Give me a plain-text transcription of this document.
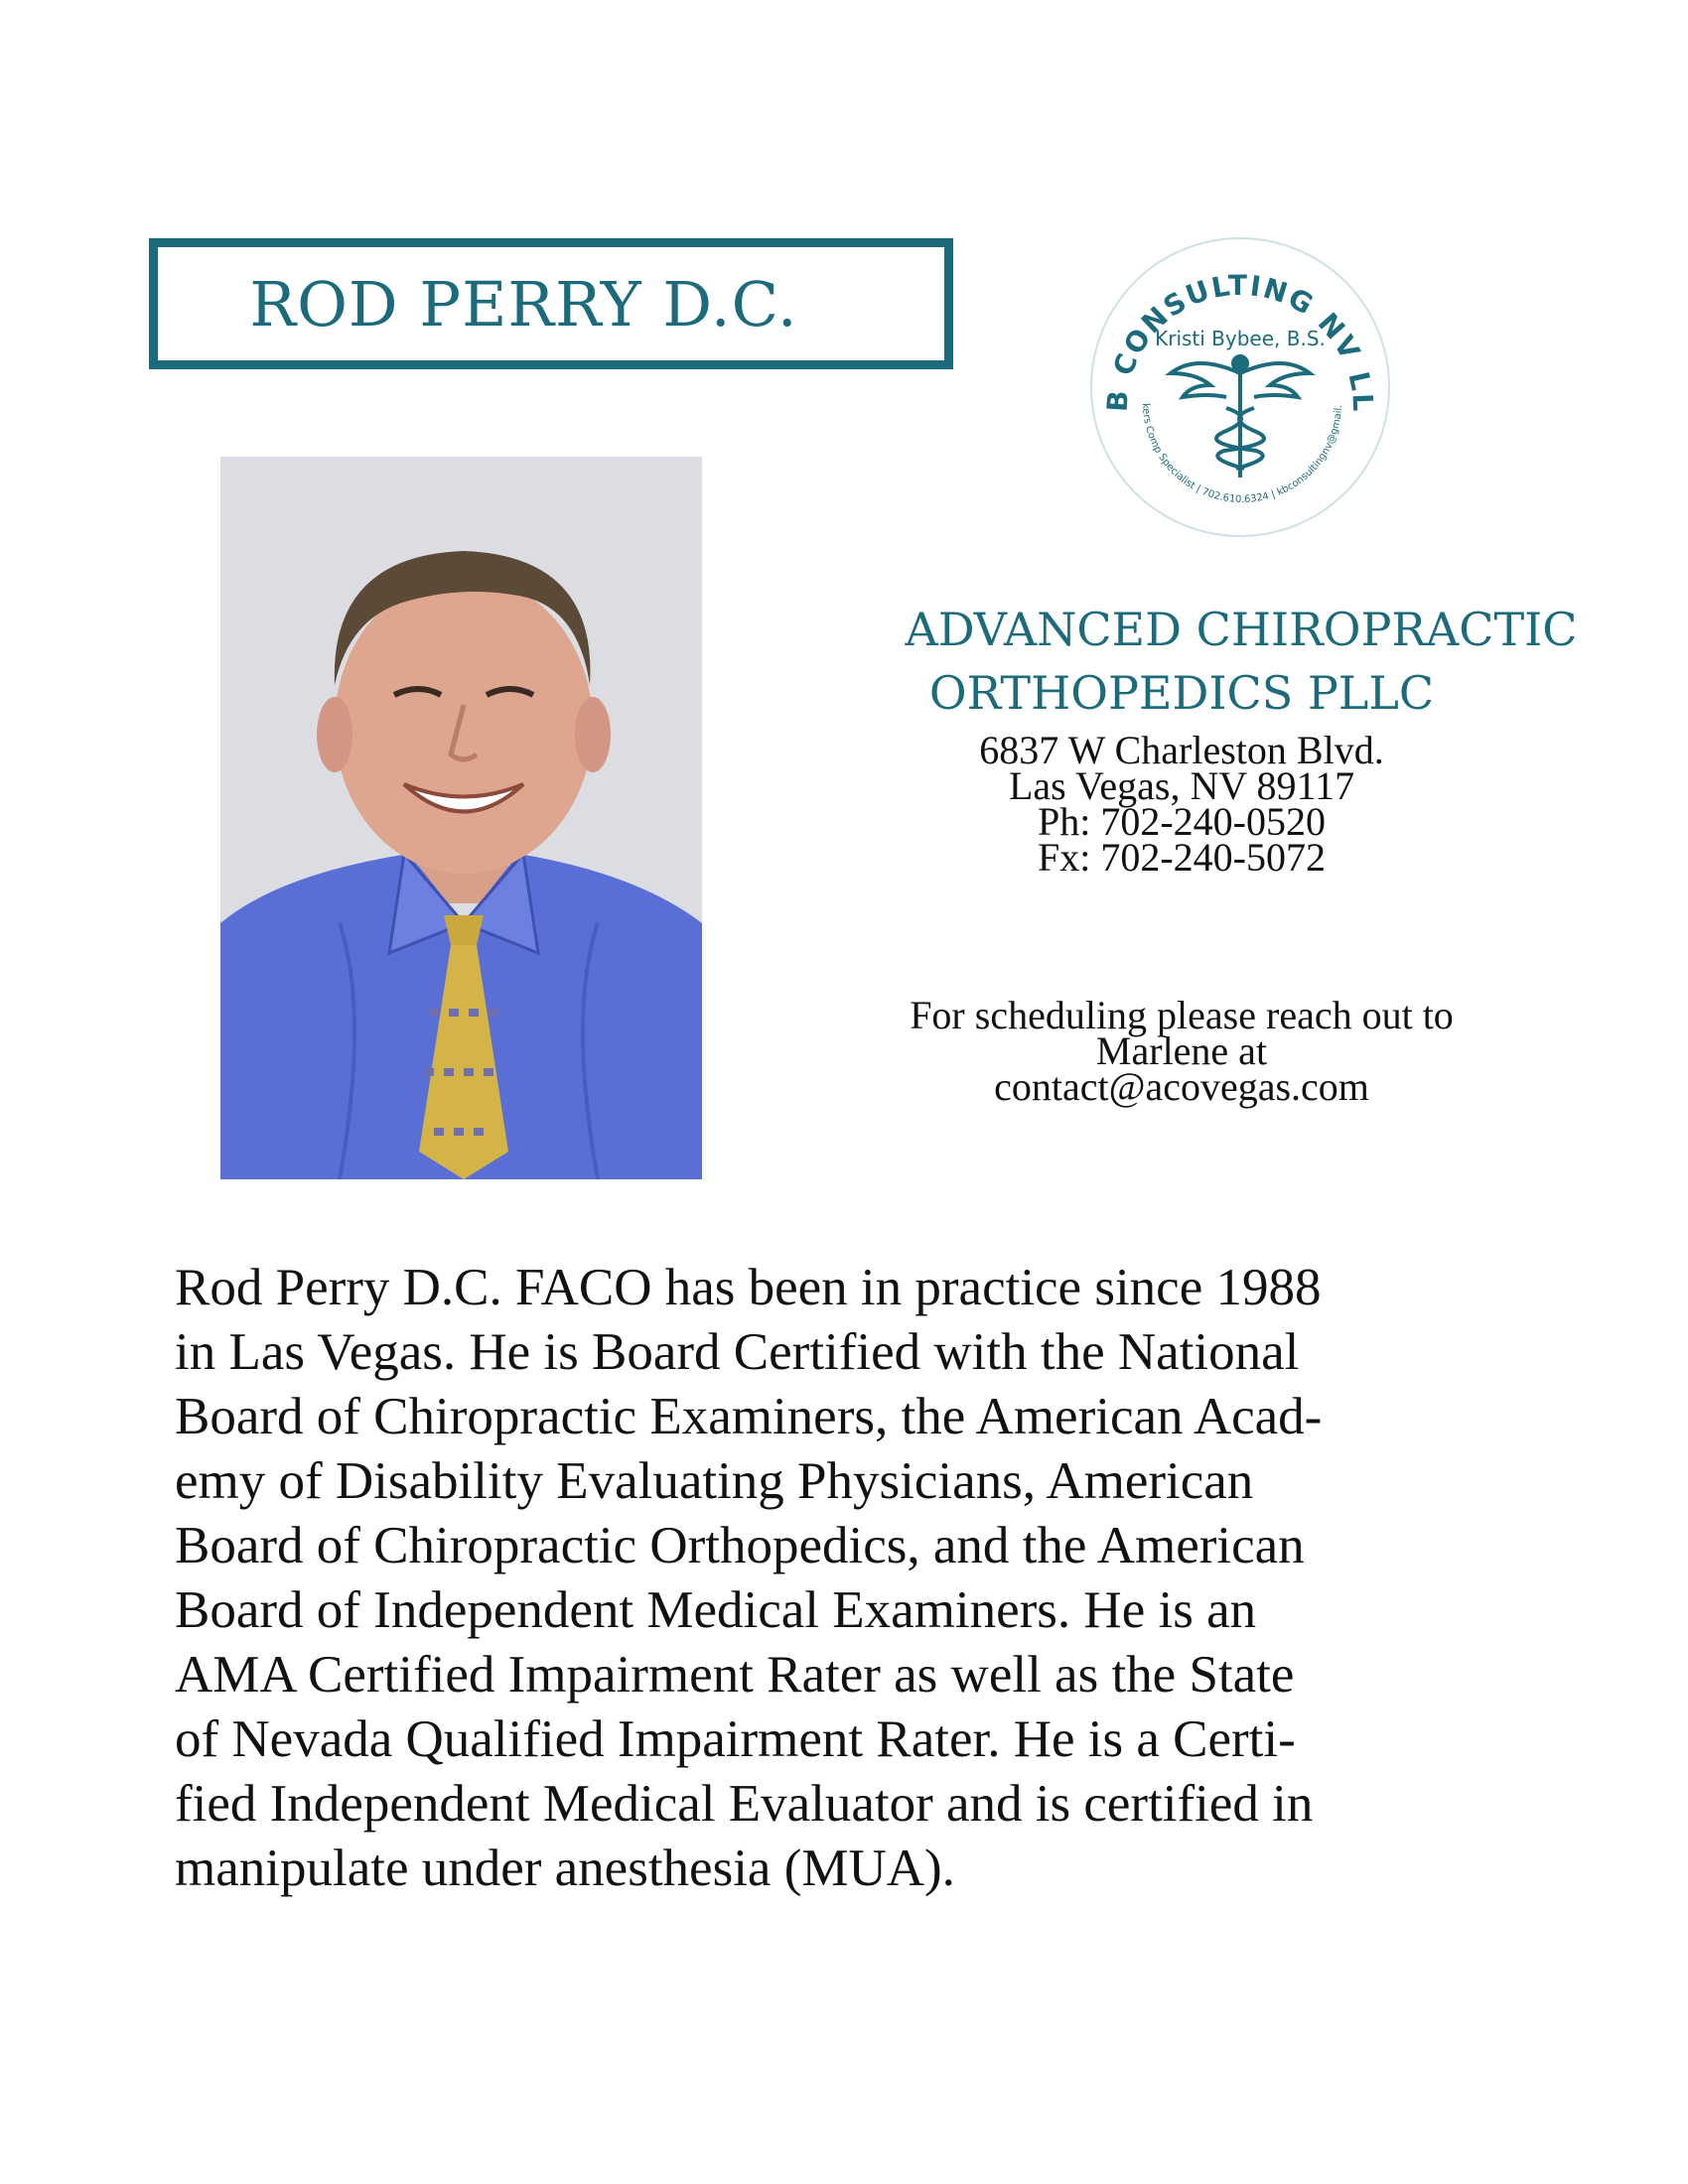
ROD PERRY D.C.
B CONSULTING NV LL
kers Comp Specialist | 702.610.6324 | kbconsultingnv@gmail.
Kristi Bybee, B.S.
ADVANCED CHIROPRACTIC
ORTHOPEDICS PLLC
6837 W Charleston Blvd.
Las Vegas, NV 89117
Ph: 702-240-0520
Fx: 702-240-5072
For scheduling please reach out to
Marlene at
contact@acovegas.com
Rod Perry D.C. FACO has been in practice since 1988
in Las Vegas. He is Board Certified with the National
Board of Chiropractic Examiners, the American Acad-
emy of Disability Evaluating Physicians, American
Board of Chiropractic Orthopedics, and the American
Board of Independent Medical Examiners. He is an
AMA Certified Impairment Rater as well as the State
of Nevada Qualified Impairment Rater. He is a Certi-
fied Independent Medical Evaluator and is certified in
manipulate under anesthesia (MUA).
